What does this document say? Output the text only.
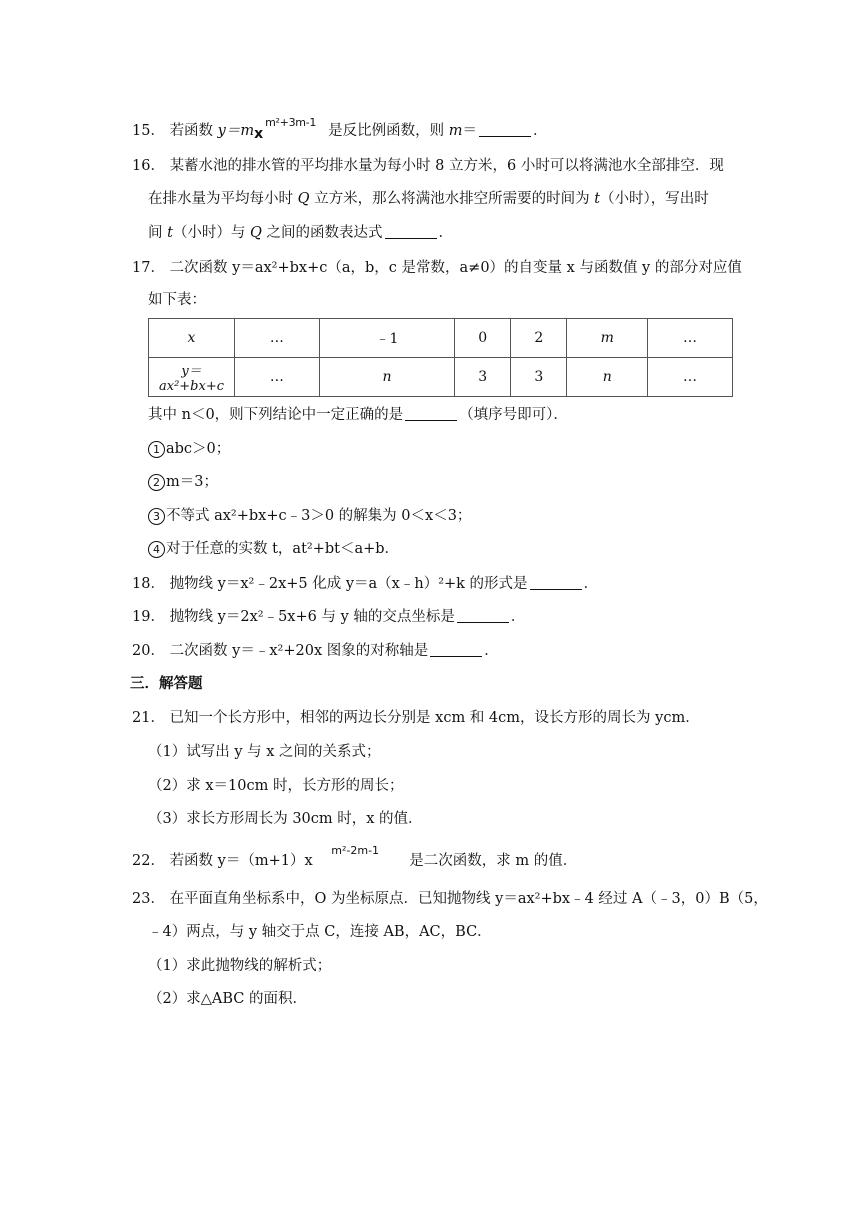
15． 若函数 y＝m x
m²+3m-1
是反比例函数，则 m＝	．
16． 某蓄水池的排水管的平均排水量为每小时 8 立方米，6 小时可以将满池水全部排空．现
在排水量为平均每小时 Q 立方米，那么将满池水排空所需要的时间为 t（小时），写出时
间 t（小时）与 Q 之间的函数表达式	．
17． 二次函数 y＝ax²+bx+c（a，b，c 是常数，a≠0）的自变量 x 与函数值 y 的部分对应值
如下表：
x	…	﹣1	0	2	m	…
y＝ax²+bx+c	…	n	3	3	n	…
其中 n＜0，则下列结论中一定正确的是	（填序号即可）．
1 abc＞0；
2 m＝3；
3 不等式 ax²+bx+c﹣3＞0 的解集为 0＜x＜3；
4 对于任意的实数 t，at²+bt＜a+b．
18． 抛物线 y＝x²﹣2x+5 化成 y＝a（x﹣h）²+k 的形式是	．
19． 抛物线 y＝2x²﹣5x+6 与 y 轴的交点坐标是	．
20． 二次函数 y＝﹣x²+20x 图象的对称轴是	．
三．解答题
21． 已知一个长方形中，相邻的两边长分别是 xcm 和 4cm，设长方形的周长为 ycm．
（1）试写出 y 与 x 之间的关系式；
（2）求 x＝10cm 时，长方形的周长；
（3）求长方形周长为 30cm 时，x 的值．
22． 若函数 y＝（m+1）x
m²-2m-1
是二次函数，求 m 的值．
23． 在平面直角坐标系中，O 为坐标原点．已知抛物线 y＝ax²+bx﹣4 经过 A（﹣3，0）B（5，
﹣4）两点，与 y 轴交于点 C，连接 AB，AC，BC．
（1）求此抛物线的解析式；
（2）求△ABC 的面积．
